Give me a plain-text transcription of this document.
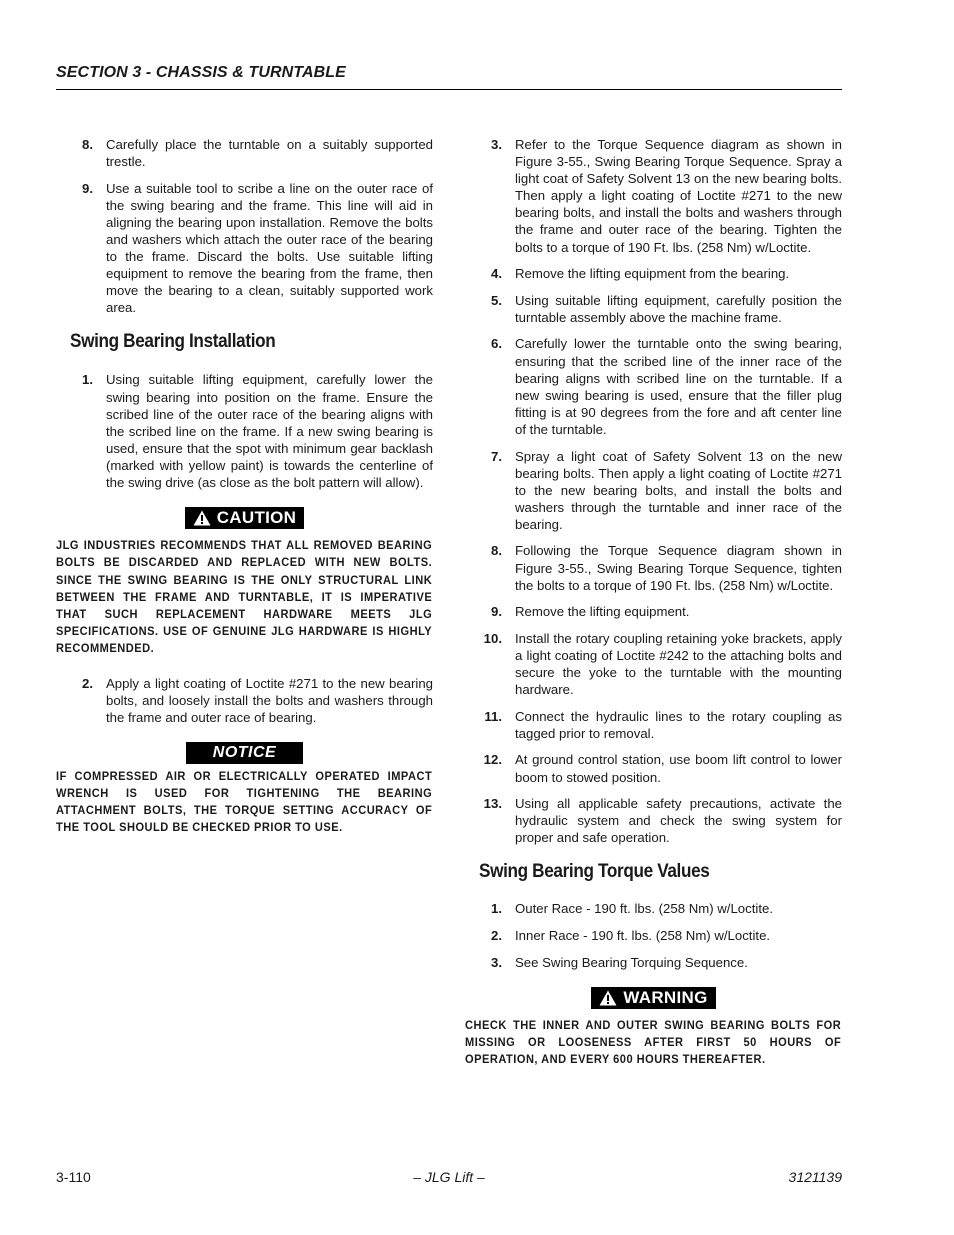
SECTION 3 - CHASSIS & TURNTABLE
8. Carefully place the turntable on a suitably supported trestle.
9. Use a suitable tool to scribe a line on the outer race of the swing bearing and the frame. This line will aid in aligning the bearing upon installation. Remove the bolts and washers which attach the outer race of the bearing to the frame. Discard the bolts. Use suitable lifting equipment to remove the bearing from the frame, then move the bearing to a clean, suitably supported work area.
Swing Bearing Installation
1. Using suitable lifting equipment, carefully lower the swing bearing into position on the frame. Ensure the scribed line of the outer race of the bearing aligns with the scribed line on the frame. If a new swing bearing is used, ensure that the spot with minimum gear backlash (marked with yellow paint) is towards the centerline of the swing drive (as close as the bolt pattern will allow).
CAUTION
JLG INDUSTRIES RECOMMENDS THAT ALL REMOVED BEARING BOLTS BE DISCARDED AND REPLACED WITH NEW BOLTS. SINCE THE SWING BEARING IS THE ONLY STRUCTURAL LINK BETWEEN THE FRAME AND TURNTABLE, IT IS IMPERATIVE THAT SUCH REPLACEMENT HARDWARE MEETS JLG SPECIFICATIONS. USE OF GENUINE JLG HARDWARE IS HIGHLY RECOMMENDED.
2. Apply a light coating of Loctite #271 to the new bearing bolts, and loosely install the bolts and washers through the frame and outer race of bearing.
NOTICE
IF COMPRESSED AIR OR ELECTRICALLY OPERATED IMPACT WRENCH IS USED FOR TIGHTENING THE BEARING ATTACHMENT BOLTS, THE TORQUE SETTING ACCURACY OF THE TOOL SHOULD BE CHECKED PRIOR TO USE.
3. Refer to the Torque Sequence diagram as shown in Figure 3-55., Swing Bearing Torque Sequence. Spray a light coat of Safety Solvent 13 on the new bearing bolts. Then apply a light coating of Loctite #271 to the new bearing bolts, and install the bolts and washers through the frame and outer race of the bearing. Tighten the bolts to a torque of 190 Ft. lbs. (258 Nm) w/Loctite.
4. Remove the lifting equipment from the bearing.
5. Using suitable lifting equipment, carefully position the turntable assembly above the machine frame.
6. Carefully lower the turntable onto the swing bearing, ensuring that the scribed line of the inner race of the bearing aligns with scribed line on the turntable. If a new swing bearing is used, ensure that the filler plug fitting is at 90 degrees from the fore and aft center line of the turntable.
7. Spray a light coat of Safety Solvent 13 on the new bearing bolts. Then apply a light coating of Loctite #271 to the new bearing bolts, and install the bolts and washers through the turntable and inner race of the bearing.
8. Following the Torque Sequence diagram shown in Figure 3-55., Swing Bearing Torque Sequence, tighten the bolts to a torque of 190 Ft. lbs. (258 Nm) w/Loctite.
9. Remove the lifting equipment.
10. Install the rotary coupling retaining yoke brackets, apply a light coating of Loctite #242 to the attaching bolts and secure the yoke to the turntable with the mounting hardware.
11. Connect the hydraulic lines to the rotary coupling as tagged prior to removal.
12. At ground control station, use boom lift control to lower boom to stowed position.
13. Using all applicable safety precautions, activate the hydraulic system and check the swing system for proper and safe operation.
Swing Bearing Torque Values
1. Outer Race - 190 ft. lbs. (258 Nm) w/Loctite.
2. Inner Race - 190 ft. lbs. (258 Nm) w/Loctite.
3. See Swing Bearing Torquing Sequence.
WARNING
CHECK THE INNER AND OUTER SWING BEARING BOLTS FOR MISSING OR LOOSENESS AFTER FIRST 50 HOURS OF OPERATION, AND EVERY 600 HOURS THEREAFTER.
– JLG Lift –
3-110	3121139
